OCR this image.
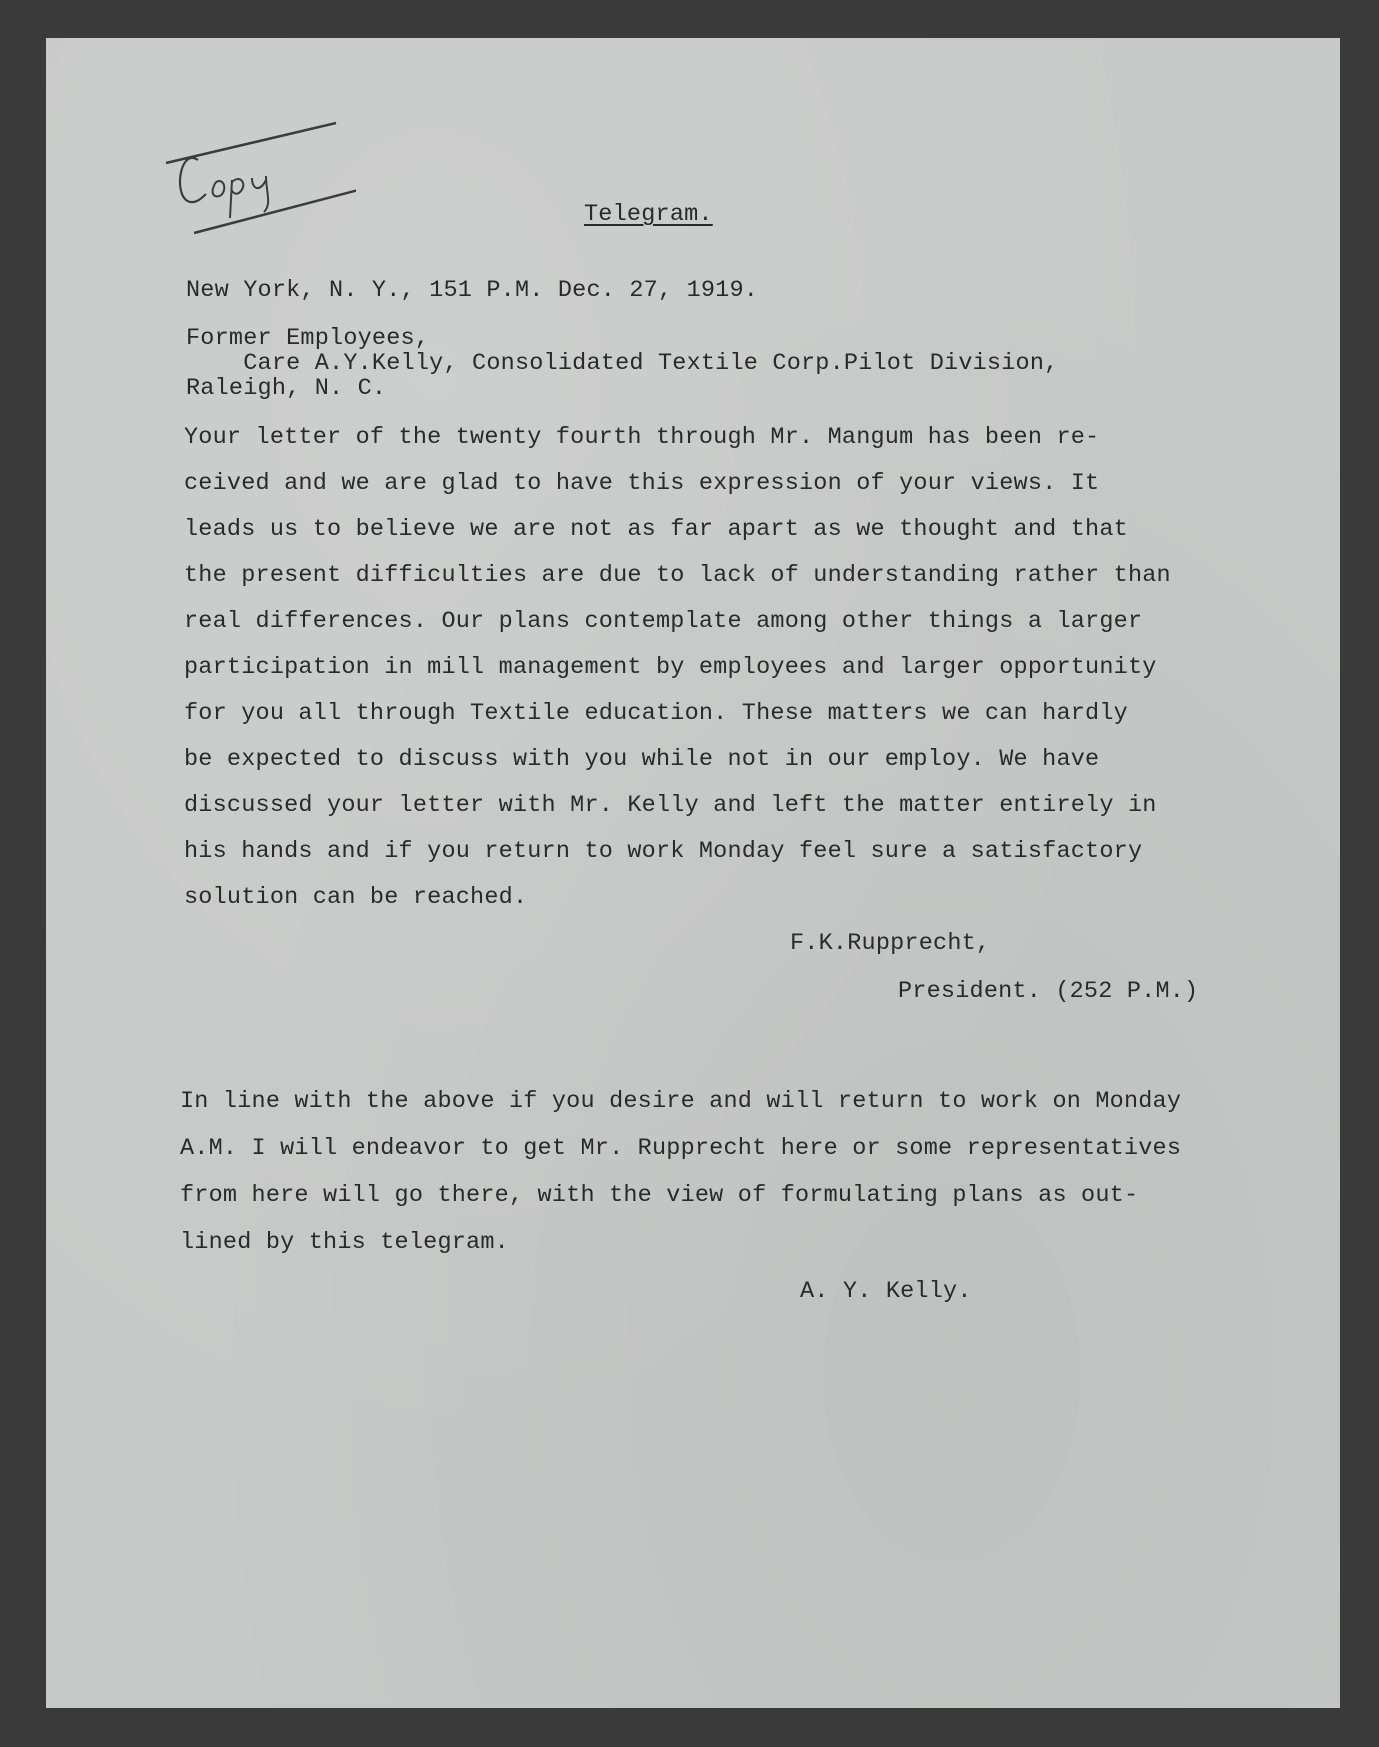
Telegram.
New York, N. Y., 151 P.M. Dec. 27, 1919.
Former Employees,
Care A.Y.Kelly, Consolidated Textile Corp.Pilot Division,
Raleigh, N. C.
Your letter of the twenty fourth through Mr. Mangum has been re-
ceived and we are glad to have this expression of your views. It
leads us to believe we are not as far apart as we thought and that
the present difficulties are due to lack of understanding rather than
real differences. Our plans contemplate among other things a larger
participation in mill management by employees and larger opportunity
for you all through Textile education. These matters we can hardly
be expected to discuss with you while not in our employ. We have
discussed your letter with Mr. Kelly and left the matter entirely in
his hands and if you return to work Monday feel sure a satisfactory
solution can be reached.
F.K.Rupprecht,
President. (252 P.M.)
In line with the above if you desire and will return to work on Monday
A.M. I will endeavor to get Mr. Rupprecht here or some representatives
from here will go there, with the view of formulating plans as out-
lined by this telegram.
A. Y. Kelly.
